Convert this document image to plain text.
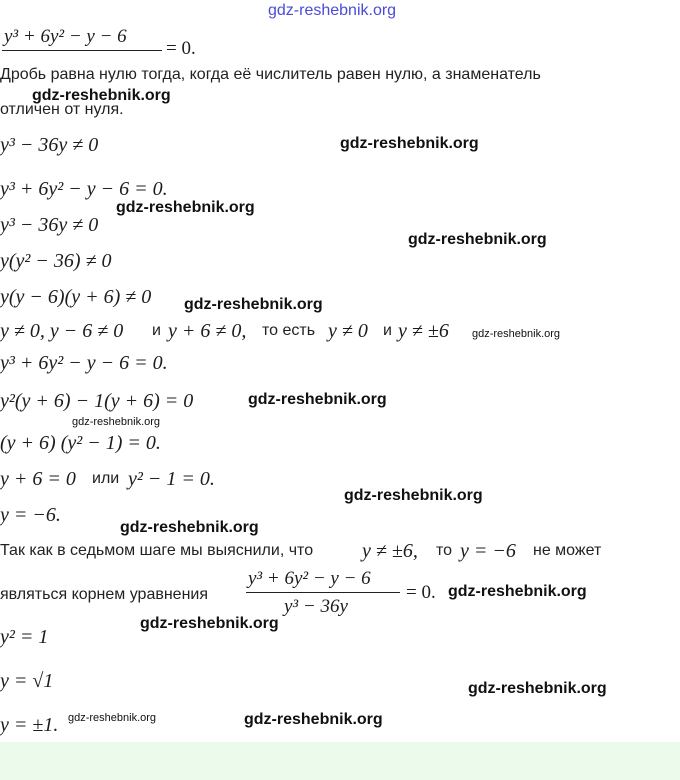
gdz-reshebnik.org
y³ + 6y² − y − 6
= 0.
Дробь равна нулю тогда, когда её числитель равен нулю, а знаменатель
gdz-reshebnik.org
отличен от нуля.
y³ − 36y ≠ 0	gdz-reshebnik.org
y³ + 6y² − y − 6 = 0.
gdz-reshebnik.org
y³ − 36y ≠ 0
gdz-reshebnik.org
y(y² − 36) ≠ 0
y(y − 6)(y + 6) ≠ 0 gdz-reshebnik.org
y ≠ 0, y − 6 ≠ 0 и y + 6 ≠ 0, то есть y ≠ 0 и y ≠ ±6 gdz-reshebnik.org
y³ + 6y² − y − 6 = 0.
y²(y + 6) − 1(y + 6) = 0	gdz-reshebnik.org
gdz-reshebnik.org
(y + 6) (y² − 1) = 0.
y + 6 = 0 или y² − 1 = 0.
gdz-reshebnik.org
y = −6.
gdz-reshebnik.org
Так как в седьмом шаге мы выяснили, что y ≠ ±6, то y = −6 не может
являться корнем уравнения
y³ + 6y² − y − 6
y³ − 36y
= 0. gdz-reshebnik.org
y² = 1
gdz-reshebnik.org
y = √1	gdz-reshebnik.org
y = ±1. gdz-reshebnik.org	gdz-reshebnik.org
